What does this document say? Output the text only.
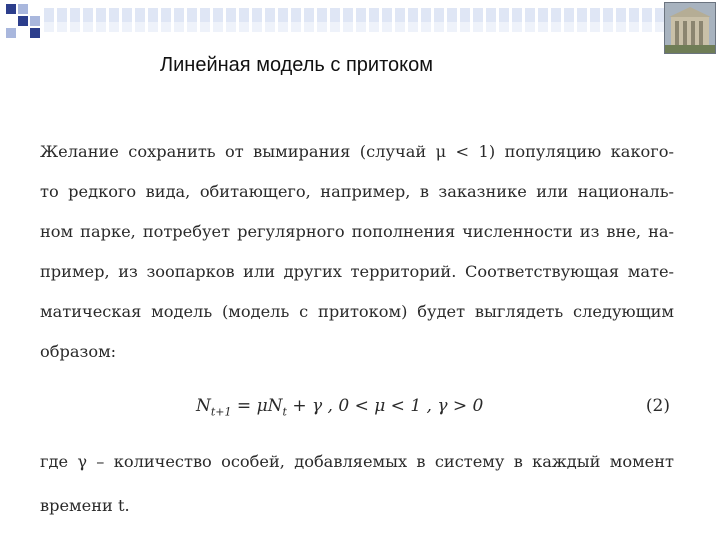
Линейная модель с притоком
Желание сохранить от вымирания (случай μ < 1) популяцию какого-
то редкого вида, обитающего, например, в заказнике или националь-
ном парке, потребует регулярного пополнения численности из вне, на-
пример, из зоопарков или других территорий. Соответствующая мате-
матическая модель (модель с притоком) будет выглядеть следующим
образом:
$N_{t+1} = \mu N_t + \gamma$ , 0 < μ < 1 , γ > 0	(2)
где γ – количество особей, добавляемых в систему в каждый момент
времени t.
